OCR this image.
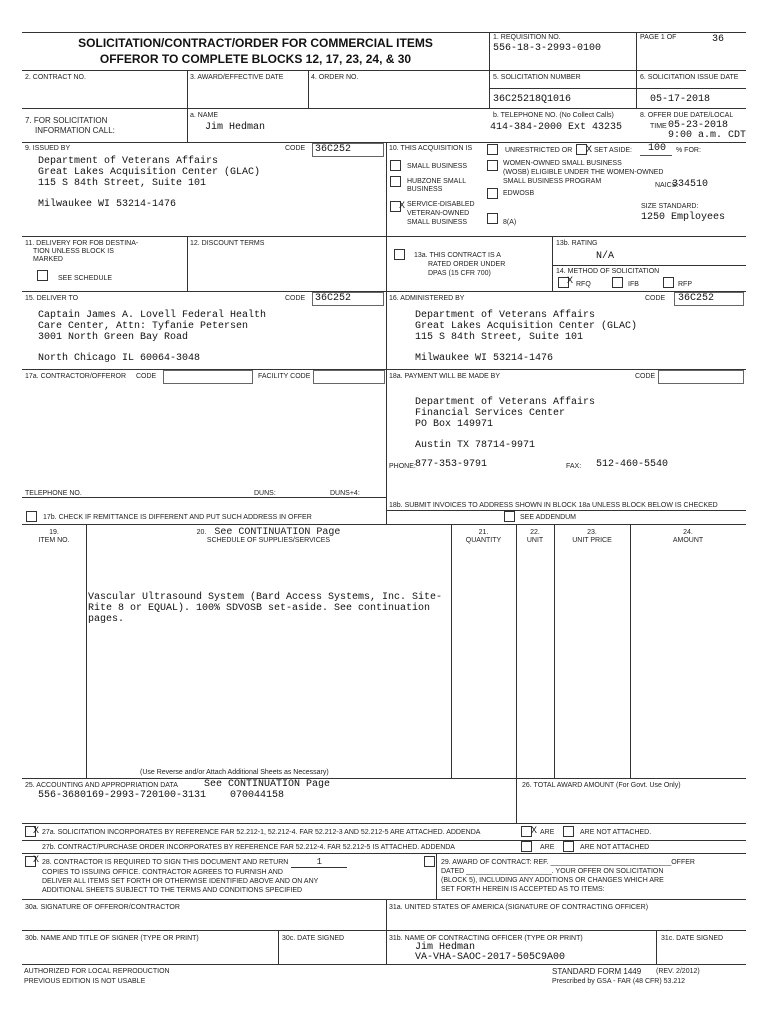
SOLICITATION/CONTRACT/ORDER FOR COMMERCIAL ITEMS
OFFEROR TO COMPLETE BLOCKS 12, 17, 23, 24, & 30
1. REQUISITION NO.
556-18-3-2993-0100
PAGE 1 OF	36
2. CONTRACT NO.	3. AWARD/EFFECTIVE DATE	4. ORDER NO.	5. SOLICITATION NUMBER
36C25218Q1016
6. SOLICITATION ISSUE DATE
05-17-2018
7. FOR SOLICITATION
INFORMATION CALL:
a. NAME
Jim Hedman
b. TELEPHONE NO. (No Collect Calls)
414-384-2000 Ext 43235
8. OFFER DUE DATE/LOCAL
TIME 05-23-2018
9:00 a.m. CDT
9. ISSUED BY	CODE 36C252
Department of Veterans Affairs
Great Lakes Acquisition Center (GLAC)
115 S 84th Street, Suite 101
Milwaukee WI 53214-1476
10. THIS ACQUISITION IS	UNRESTRICTED OR X SET ASIDE: 100 % FOR:
SMALL BUSINESS
HUBZONE SMALL
BUSINESS
X SERVICE-DISABLED
VETERAN-OWNED
SMALL BUSINESS
WOMEN-OWNED SMALL BUSINESS
(WOSB) ELIGIBLE UNDER THE WOMEN-OWNED
SMALL BUSINESS PROGRAM
EDWOSB
8(A)
NAICS:
334510
SIZE STANDARD:
1250 Employees
11. DELIVERY FOR FOB DESTINA-
TION UNLESS BLOCK IS
MARKED
SEE SCHEDULE
12. DISCOUNT TERMS
13a. THIS CONTRACT IS A
RATED ORDER UNDER
DPAS (15 CFR 700)
13b. RATING
N/A
14. METHOD OF SOLICITATION
X RFQ	IFB	RFP
15. DELIVER TO	CODE 36C252
Captain James A. Lovell Federal Health
Care Center, Attn: Tyfanie Petersen
3001 North Green Bay Road
North Chicago IL 60064-3048
16. ADMINISTERED BY	CODE 36C252
Department of Veterans Affairs
Great Lakes Acquisition Center (GLAC)
115 S 84th Street, Suite 101
Milwaukee WI 53214-1476
17a. CONTRACTOR/OFFEROR CODE	FACILITY CODE	18a. PAYMENT WILL BE MADE BY	CODE
Department of Veterans Affairs
Financial Services Center
PO Box 149971
Austin TX 78714-9971
PHONE: 877-353-9791	FAX: 512-460-5540
TELEPHONE NO.	DUNS:	DUNS+4:
18b. SUBMIT INVOICES TO ADDRESS SHOWN IN BLOCK 18a UNLESS BLOCK BELOW IS CHECKED
17b. CHECK IF REMITTANCE IS DIFFERENT AND PUT SUCH ADDRESS IN OFFER	SEE ADDENDUM
19.
ITEM NO.
20. See CONTINUATION Page
SCHEDULE OF SUPPLIES/SERVICES
21.
QUANTITY
22.
UNIT
23.
UNIT PRICE
24.
AMOUNT
Vascular Ultrasound System (Bard Access Systems, Inc. Site-
Rite 8 or EQUAL). 100% SDVOSB set-aside. See continuation
pages.
(Use Reverse and/or Attach Additional Sheets as Necessary)
25. ACCOUNTING AND APPROPRIATION DATA	See CONTINUATION Page
556-3680169-2993-720100-3131 070044158
26. TOTAL AWARD AMOUNT (For Govt. Use Only)
X 27a. SOLICITATION INCORPORATES BY REFERENCE FAR 52.212-1, 52.212-4. FAR 52.212-3 AND 52.212-5 ARE ATTACHED. ADDENDA	X ARE	ARE NOT ATTACHED.
27b. CONTRACT/PURCHASE ORDER INCORPORATES BY REFERENCE FAR 52.212-4. FAR 52.212-5 IS ATTACHED. ADDENDA	ARE	ARE NOT ATTACHED
X 28. CONTRACTOR IS REQUIRED TO SIGN THIS DOCUMENT AND RETURN	1
COPIES TO ISSUING OFFICE. CONTRACTOR AGREES TO FURNISH AND
DELIVER ALL ITEMS SET FORTH OR OTHERWISE IDENTIFIED ABOVE AND ON ANY
ADDITIONAL SHEETS SUBJECT TO THE TERMS AND CONDITIONS SPECIFIED
29. AWARD OF CONTRACT: REF. _______________________________OFFER
DATED ______________________. YOUR OFFER ON SOLICITATION
(BLOCK 5), INCLUDING ANY ADDITIONS OR CHANGES WHICH ARE
SET FORTH HEREIN IS ACCEPTED AS TO ITEMS:
30a. SIGNATURE OF OFFEROR/CONTRACTOR	31a. UNITED STATES OF AMERICA (SIGNATURE OF CONTRACTING OFFICER)
30b. NAME AND TITLE OF SIGNER (TYPE OR PRINT)	30c. DATE SIGNED	31b. NAME OF CONTRACTING OFFICER (TYPE OR PRINT)
Jim Hedman
VA-VHA-SAOC-2017-505C9A00
31c. DATE SIGNED
AUTHORIZED FOR LOCAL REPRODUCTION
PREVIOUS EDITION IS NOT USABLE
STANDARD FORM 1449 (REV. 2/2012)
Prescribed by GSA - FAR (48 CFR) 53.212
